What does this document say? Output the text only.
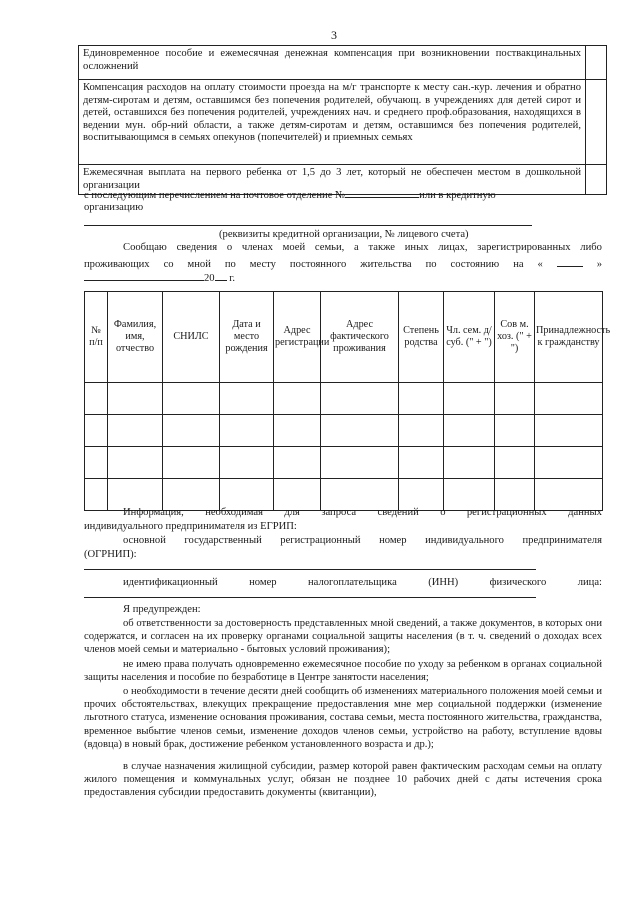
3
Единовременное пособие и ежемесячная денежная компенсация при возникновении поствакцинальных осложнений	
Компенсация расходов на оплату стоимости проезда на м/г транспорте к месту сан.-кур. лечения и обратно детям-сиротам и детям, оставшимся без попечения родителей, обучающ. в учреждениях для детей сирот и детей, оставшихся без попечения родителей, учреждениях нач. и среднего проф.образования, находящихся в ведении мун. обр-ний области, а также детям-сиротам и детям, оставшимся без попечения родителей, воспитывающимся в семьях опекунов (попечителей) и приемных семьях	
Ежемесячная выплата на первого ребенка от 1,5 до 3 лет, который не обеспечен местом в дошкольной организации	
с последующим перечислением на почтовое отделение №	или в кредитную
организацию
(реквизиты кредитной организации, № лицевого счета)
Сообщаю сведения о членах моей семьи, а также иных лицах, зарегистрированных либо
проживающих со мной по месту постоянного жительства по состоянию на «	»
20 г.
№ п/п	Фамилия, имя, отчество	СНИЛС	Дата и место рождения	Адрес регистрации	Адрес фактического проживания	Степень родства	Чл. сем. д/суб. (" + ")	Сов м. хоз. (" + ")	Принадлежность к гражданству

Информация, необходимая для запроса сведений о регистрационных данных
индивидуального предпринимателя из ЕГРИП:
основной государственный регистрационный номер индивидуального предпринимателя
(ОГРНИП):
идентификационный	номер	налогоплательщика	(ИНН)	физического	лица:
Я предупрежден:
об ответственности за достоверность представленных мной сведений, а также документов, в которых они содержатся, и согласен на их проверку органами социальной защиты населения (в т. ч. сведений о доходах всех членов моей семьи и материально - бытовых условий проживания);
не имею права получать одновременно ежемесячное пособие по уходу за ребенком в органах социальной защиты населения и пособие по безработице в Центре занятости населения;
о необходимости в течение десяти дней сообщить об изменениях материального положения моей семьи и прочих обстоятельствах, влекущих прекращение предоставления мне мер социальной поддержки (изменение льготного статуса, изменение основания проживания, состава семьи, места постоянного жительства, гражданства, временное выбытие членов семьи, изменение доходов членов семьи, устройство на работу, вступление вдовы (вдовца) в новый брак, достижение ребенком установленного возраста и др.);
в случае назначения жилищной субсидии, размер которой равен фактическим расходам семьи на оплату жилого помещения и коммунальных услуг, обязан не позднее 10 рабочих дней с даты истечения срока предоставления субсидии предоставить документы (квитанции),
